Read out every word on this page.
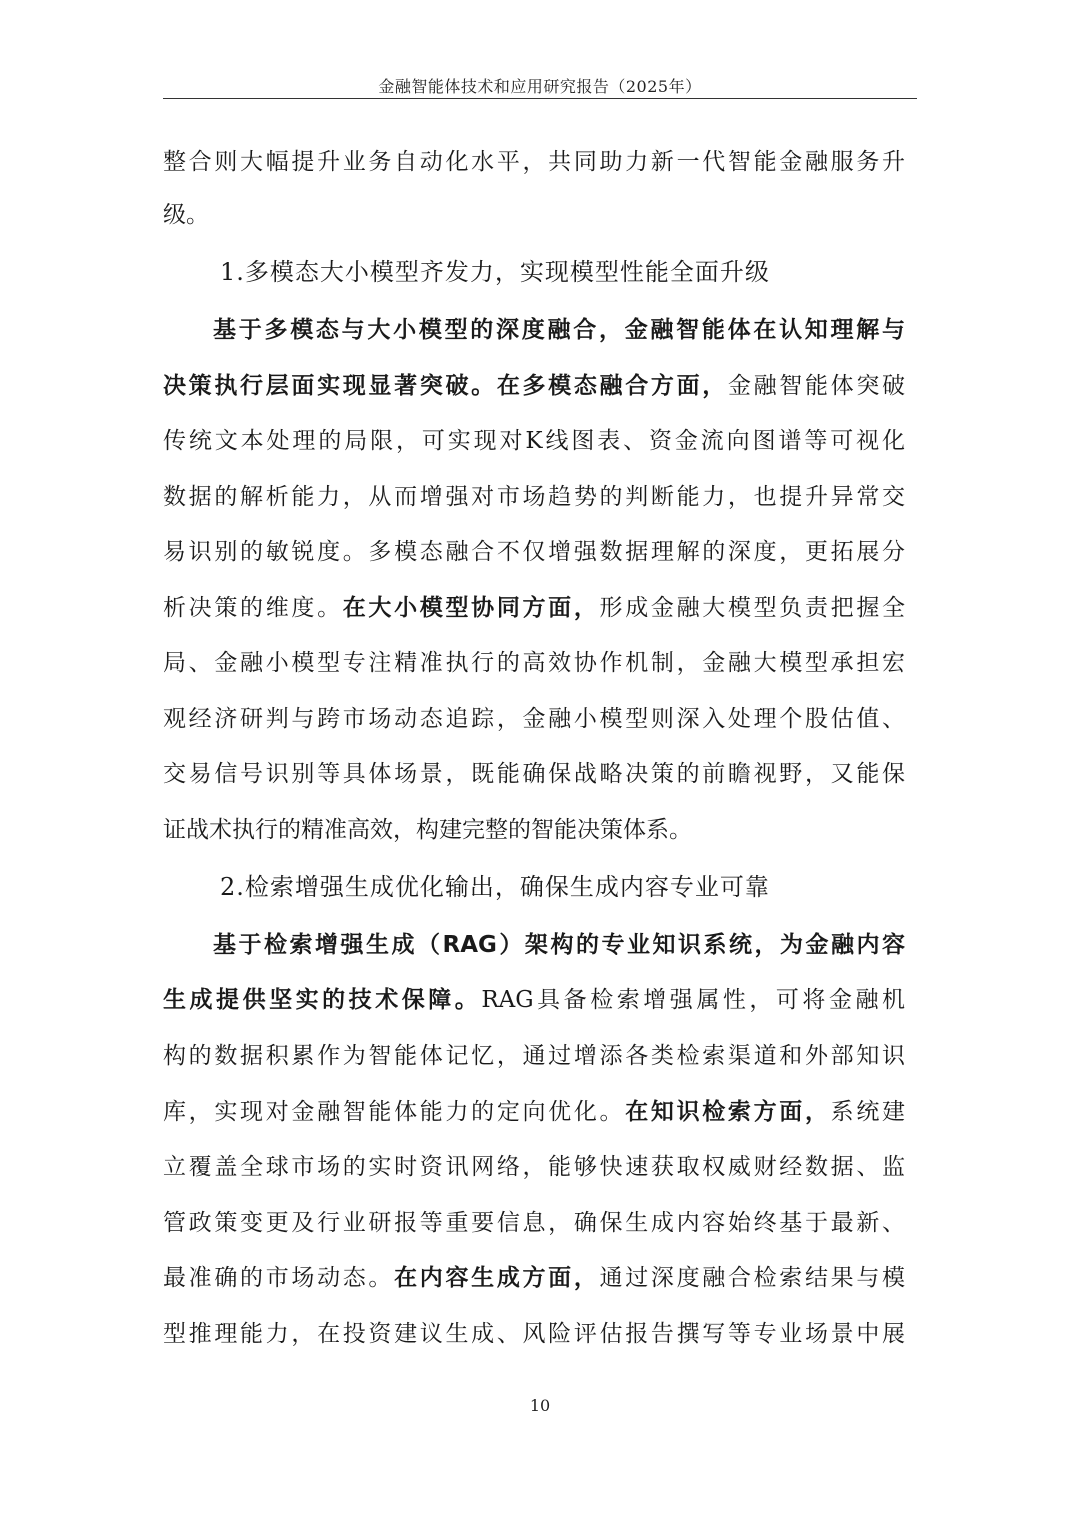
金融智能体技术和应用研究报告（2025年）
整合则大幅提升业务自动化水平，共同助力新一代智能金融服务升
级。
1.多模态大小模型齐发力，实现模型性能全面升级
基于多模态与大小模型的深度融合，金融智能体在认知理解与
决策执行层面实现显著突破。在多模态融合方面，金融智能体突破
传统文本处理的局限，可实现对K线图表、资金流向图谱等可视化
数据的解析能力，从而增强对市场趋势的判断能力，也提升异常交
易识别的敏锐度。多模态融合不仅增强数据理解的深度，更拓展分
析决策的维度。在大小模型协同方面，形成金融大模型负责把握全
局、金融小模型专注精准执行的高效协作机制，金融大模型承担宏
观经济研判与跨市场动态追踪，金融小模型则深入处理个股估值、
交易信号识别等具体场景，既能确保战略决策的前瞻视野，又能保
证战术执行的精准高效，构建完整的智能决策体系。
2.检索增强生成优化输出，确保生成内容专业可靠
基于检索增强生成（RAG）架构的专业知识系统，为金融内容
生成提供坚实的技术保障。RAG具备检索增强属性，可将金融机
构的数据积累作为智能体记忆，通过增添各类检索渠道和外部知识
库，实现对金融智能体能力的定向优化。在知识检索方面，系统建
立覆盖全球市场的实时资讯网络，能够快速获取权威财经数据、监
管政策变更及行业研报等重要信息，确保生成内容始终基于最新、
最准确的市场动态。在内容生成方面，通过深度融合检索结果与模
型推理能力，在投资建议生成、风险评估报告撰写等专业场景中展
10
